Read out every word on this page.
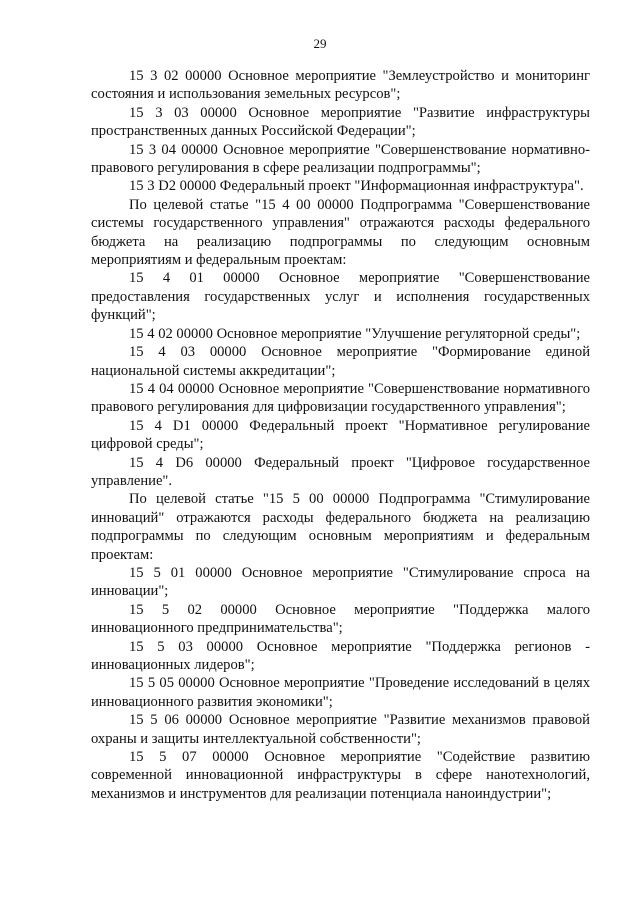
29

15 3 02 00000 Основное мероприятие "Землеустройство и мониторинг состояния и использования земельных ресурсов";

15 3 03 00000 Основное мероприятие "Развитие инфраструктуры пространственных данных Российской Федерации";

15 3 04 00000 Основное мероприятие "Совершенствование нормативно-правового регулирования в сфере реализации подпрограммы";

15 3 D2 00000 Федеральный проект "Информационная инфраструктура".

По целевой статье "15 4 00 00000 Подпрограмма "Совершенствование системы государственного управления" отражаются расходы федерального бюджета на реализацию подпрограммы по следующим основным мероприятиям и федеральным проектам:

15 4 01 00000 Основное мероприятие "Совершенствование предоставления государственных услуг и исполнения государственных функций";

15 4 02 00000 Основное мероприятие "Улучшение регуляторной среды";

15 4 03 00000 Основное мероприятие "Формирование единой национальной системы аккредитации";

15 4 04 00000 Основное мероприятие "Совершенствование нормативного правового регулирования для цифровизации государственного управления";

15 4 D1 00000 Федеральный проект "Нормативное регулирование цифровой среды";

15 4 D6 00000 Федеральный проект "Цифровое государственное управление".

По целевой статье "15 5 00 00000 Подпрограмма "Стимулирование инноваций" отражаются расходы федерального бюджета на реализацию подпрограммы по следующим основным мероприятиям и федеральным проектам:

15 5 01 00000 Основное мероприятие "Стимулирование спроса на инновации";

15 5 02 00000 Основное мероприятие "Поддержка малого инновационного предпринимательства";

15 5 03 00000 Основное мероприятие "Поддержка регионов - инновационных лидеров";

15 5 05 00000 Основное мероприятие "Проведение исследований в целях инновационного развития экономики";

15 5 06 00000 Основное мероприятие "Развитие механизмов правовой охраны и защиты интеллектуальной собственности";

15 5 07 00000 Основное мероприятие "Содействие развитию современной инновационной инфраструктуры в сфере нанотехнологий, механизмов и инструментов для реализации потенциала наноиндустрии";
